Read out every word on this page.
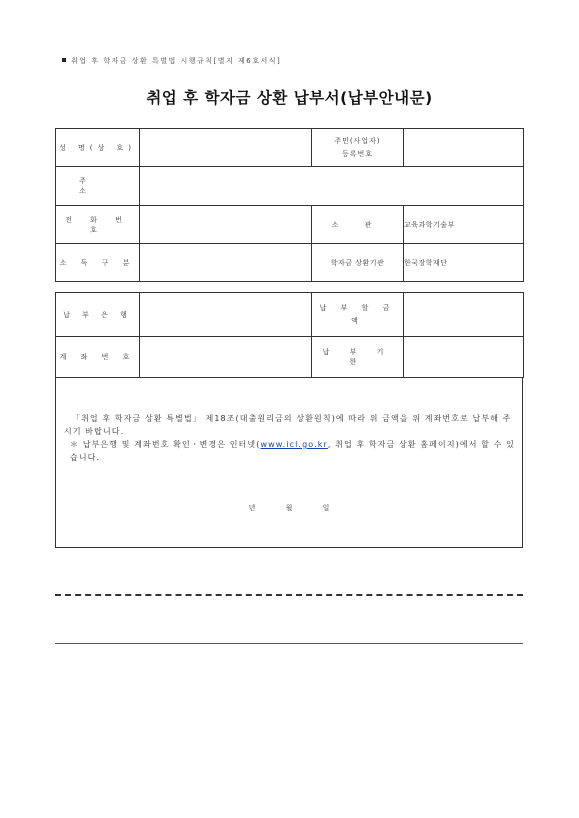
취업 후 학자금 상환 특별법 시행규칙[별지 제6호서식]
취업 후 학자금 상환 납부서(납부안내문)
성 명(상 호)		주민(사업자)
등록번호	
주 소			
전 화 번 호		소 관	교육과학기술부
소 득 구 분		학자금 상환기관	한국장학재단
납 부 은 행		납 부 할 금
액	
계 좌 번 호		납 부 기 한	
「취업 후 학자금 상환 특별법」 제18조(대출원리금의 상환원칙)에 따라 위 금액을 위 계좌번호로 납부해 주시기 바랍니다.
＊ 납부은행 및 계좌번호 확인ㆍ변경은 인터넷(www.icl.go.kr, 취업 후 학자금 상환 홈페이지)에서 할 수 있습니다.
년	월	일
